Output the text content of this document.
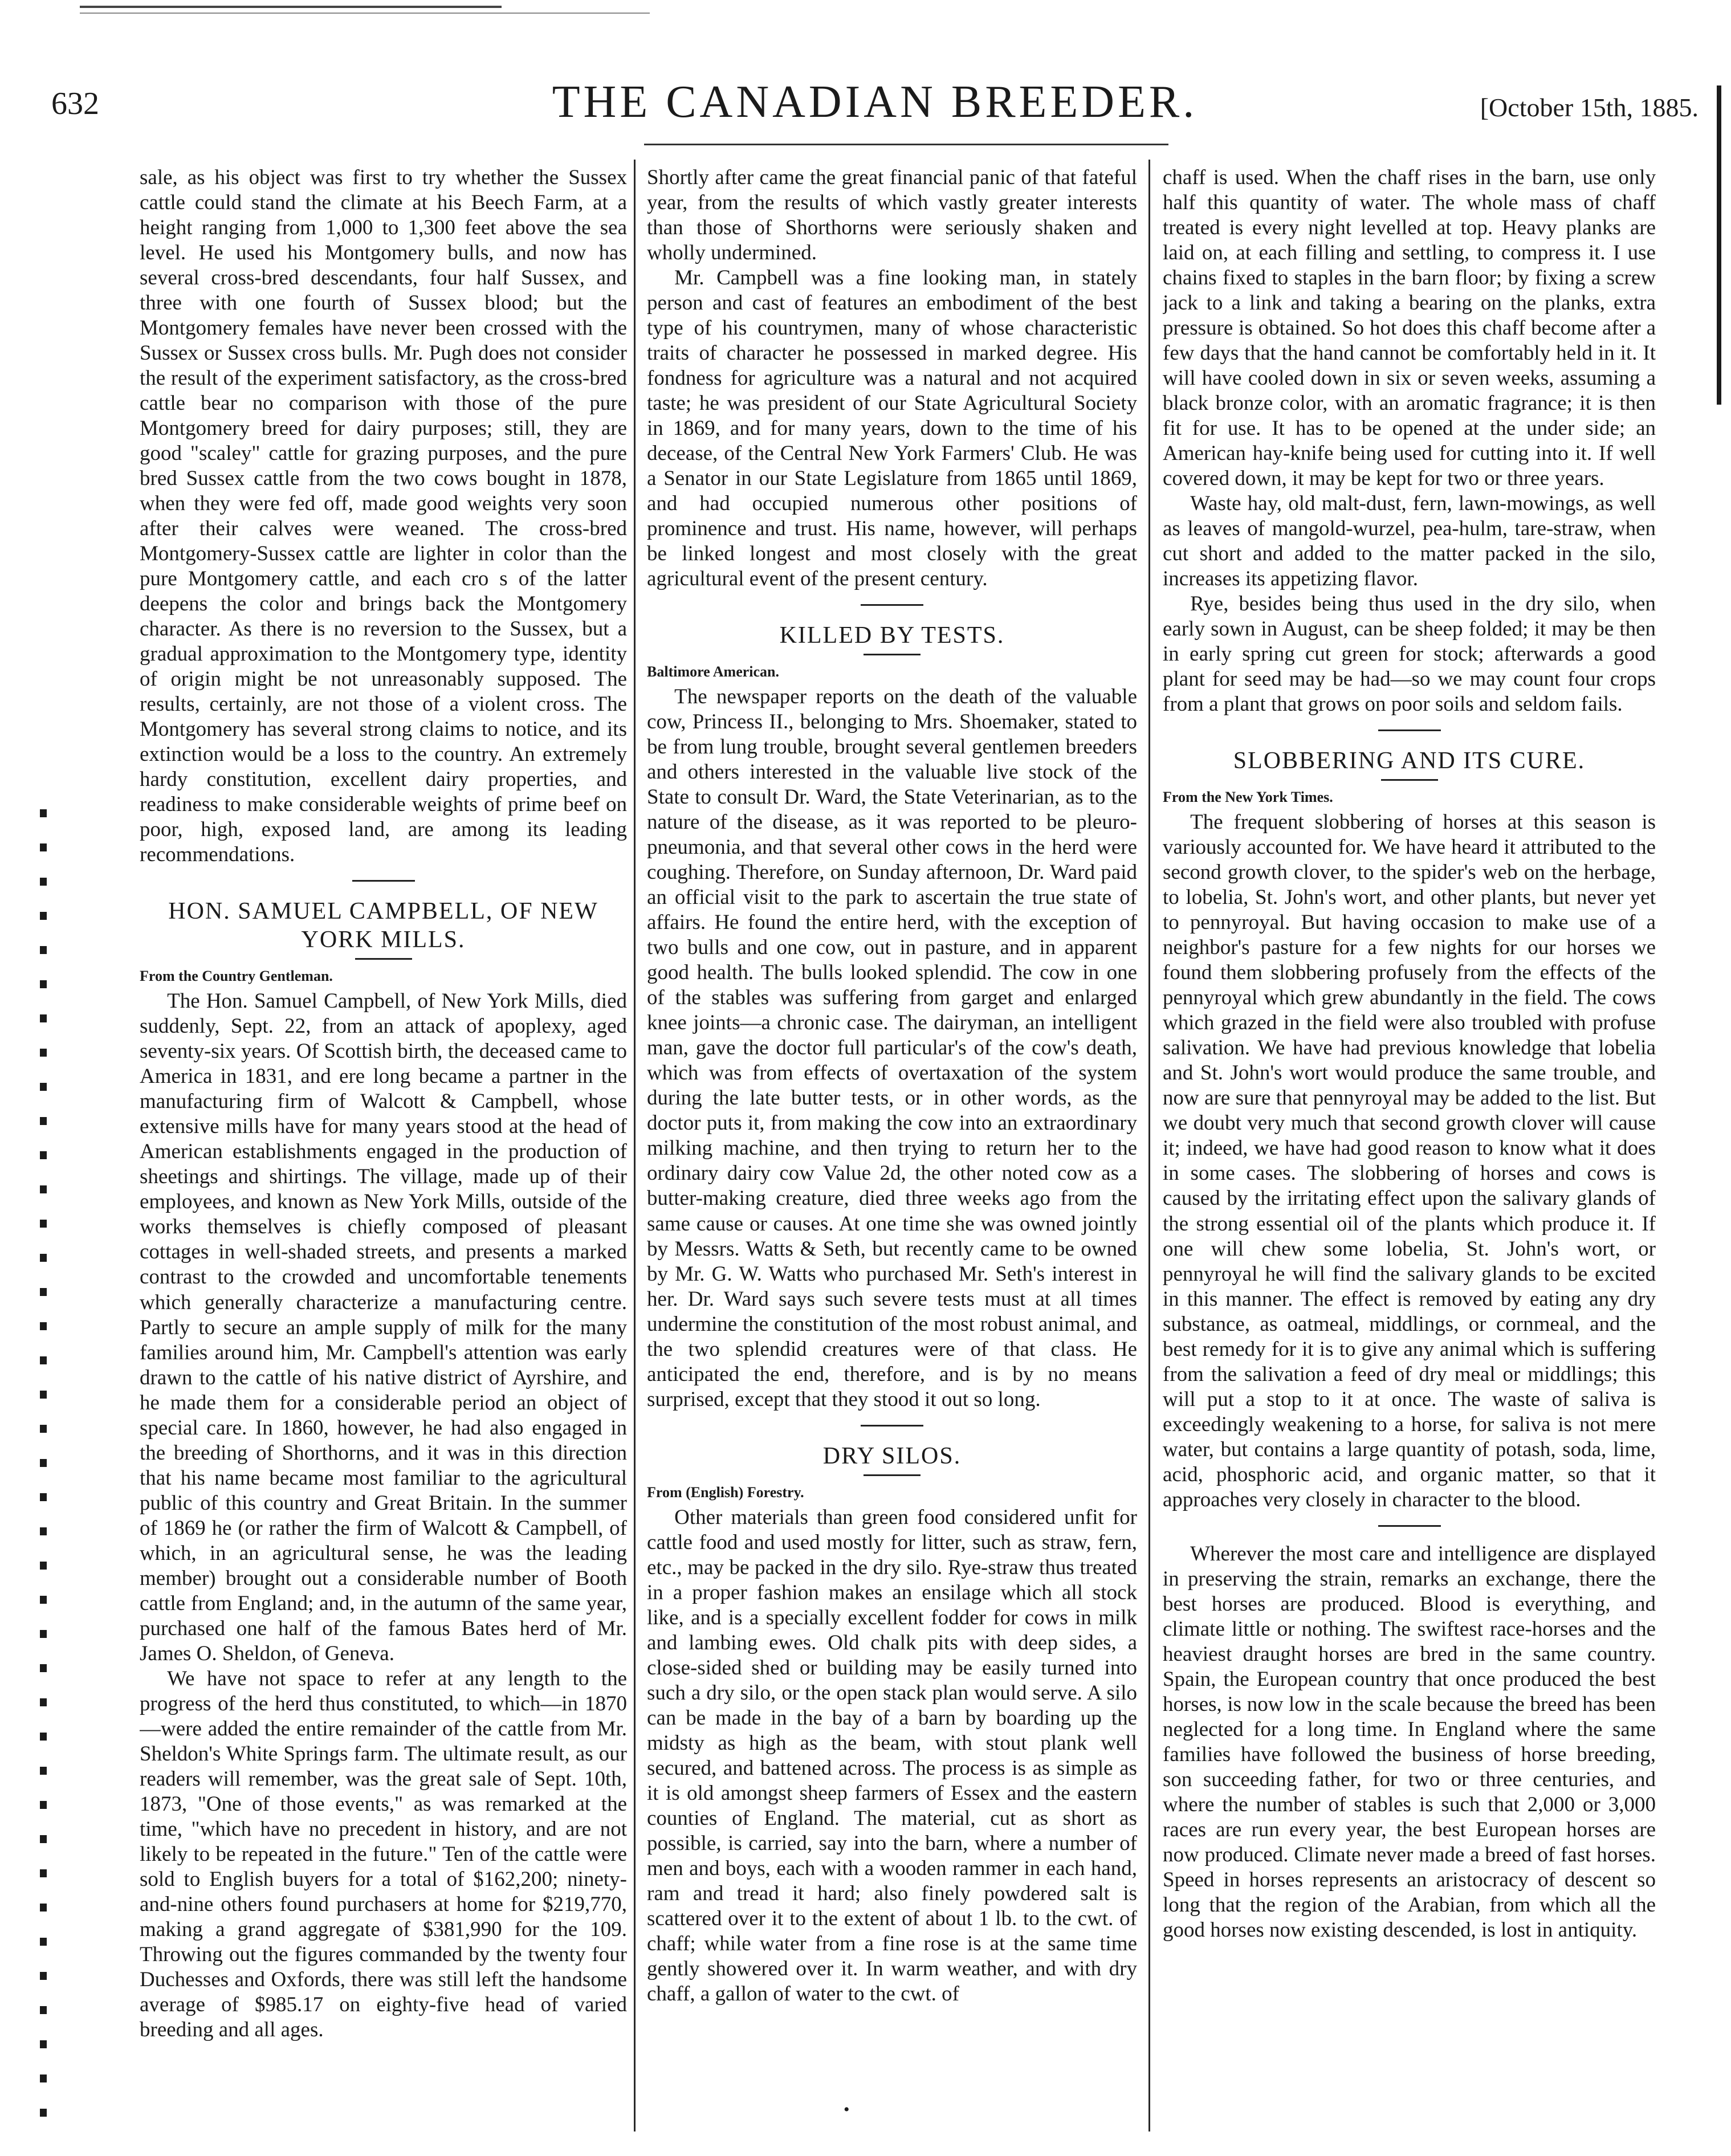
632	THE CANADIAN BREEDER.	[October 15th, 1885.

sale, as his object was first to try whether the Sussex cattle could stand the climate at his Beech Farm, at a height ranging from 1,000 to 1,300 feet above the sea level. He used his Montgomery bulls, and now has several cross-bred descendants, four half Sussex, and three with one fourth of Sussex blood; but the Montgomery females have never been crossed with the Sussex or Sussex cross bulls. Mr. Pugh does not consider the result of the experiment satisfactory, as the cross-bred cattle bear no comparison with those of the pure Montgomery breed for dairy purposes; still, they are good "scaley" cattle for grazing purposes, and the pure bred Sussex cattle from the two cows bought in 1878, when they were fed off, made good weights very soon after their calves were weaned. The cross-bred Montgomery-Sussex cattle are lighter in color than the pure Montgomery cattle, and each cro s of the latter deepens the color and brings back the Montgomery character. As there is no reversion to the Sussex, but a gradual approximation to the Montgomery type, identity of origin might be not unreasonably supposed. The results, certainly, are not those of a violent cross. The Montgomery has several strong claims to notice, and its extinction would be a loss to the country. An extremely hardy constitution, excellent dairy properties, and readiness to make considerable weights of prime beef on poor, high, exposed land, are among its leading recommendations.

HON. SAMUEL CAMPBELL, OF NEW YORK MILLS.
From the Country Gentleman.

The Hon. Samuel Campbell, of New York Mills, died suddenly, Sept. 22, from an attack of apoplexy, aged seventy-six years. Of Scottish birth, the deceased came to America in 1831, and ere long became a partner in the manufacturing firm of Walcott & Campbell, whose extensive mills have for many years stood at the head of American establishments engaged in the production of sheetings and shirtings. The village, made up of their employees, and known as New York Mills, outside of the works themselves is chiefly composed of pleasant cottages in well-shaded streets, and presents a marked contrast to the crowded and uncomfortable tenements which generally characterize a manufacturing centre. Partly to secure an ample supply of milk for the many families around him, Mr. Campbell's attention was early drawn to the cattle of his native district of Ayrshire, and he made them for a considerable period an object of special care. In 1860, however, he had also engaged in the breeding of Shorthorns, and it was in this direction that his name became most familiar to the agricultural public of this country and Great Britain. In the summer of 1869 he (or rather the firm of Walcott & Campbell, of which, in an agricultural sense, he was the leading member) brought out a considerable number of Booth cattle from England; and, in the autumn of the same year, purchased one half of the famous Bates herd of Mr. James O. Sheldon, of Geneva.

We have not space to refer at any length to the progress of the herd thus constituted, to which—in 1870—were added the entire remainder of the cattle from Mr. Sheldon's White Springs farm. The ultimate result, as our readers will remember, was the great sale of Sept. 10th, 1873, "One of those events," as was remarked at the time, "which have no precedent in history, and are not likely to be repeated in the future." Ten of the cattle were sold to English buyers for a total of $162,200; ninety-and-nine others found purchasers at home for $219,770, making a grand aggregate of $381,990 for the 109. Throwing out the figures commanded by the twenty four Duchesses and Oxfords, there was still left the handsome average of $985.17 on eighty-five head of varied breeding and all ages.

Shortly after came the great financial panic of that fateful year, from the results of which vastly greater interests than those of Shorthorns were seriously shaken and wholly undermined.

Mr. Campbell was a fine looking man, in stately person and cast of features an embodiment of the best type of his countrymen, many of whose characteristic traits of character he possessed in marked degree. His fondness for agriculture was a natural and not acquired taste; he was president of our State Agricultural Society in 1869, and for many years, down to the time of his decease, of the Central New York Farmers' Club. He was a Senator in our State Legislature from 1865 until 1869, and had occupied numerous other positions of prominence and trust. His name, however, will perhaps be linked longest and most closely with the great agricultural event of the present century.

KILLED BY TESTS.
Baltimore American.

The newspaper reports on the death of the valuable cow, Princess II., belonging to Mrs. Shoemaker, stated to be from lung trouble, brought several gentlemen breeders and others interested in the valuable live stock of the State to consult Dr. Ward, the State Veterinarian, as to the nature of the disease, as it was reported to be pleuro-pneumonia, and that several other cows in the herd were coughing. Therefore, on Sunday afternoon, Dr. Ward paid an official visit to the park to ascertain the true state of affairs. He found the entire herd, with the exception of two bulls and one cow, out in pasture, and in apparent good health. The bulls looked splendid. The cow in one of the stables was suffering from garget and enlarged knee joints—a chronic case. The dairyman, an intelligent man, gave the doctor full particular's of the cow's death, which was from effects of overtaxation of the system during the late butter tests, or in other words, as the doctor puts it, from making the cow into an extraordinary milking machine, and then trying to return her to the ordinary dairy cow Value 2d, the other noted cow as a butter-making creature, died three weeks ago from the same cause or causes. At one time she was owned jointly by Messrs. Watts & Seth, but recently came to be owned by Mr. G. W. Watts who purchased Mr. Seth's interest in her. Dr. Ward says such severe tests must at all times undermine the constitution of the most robust animal, and the two splendid creatures were of that class. He anticipated the end, therefore, and is by no means surprised, except that they stood it out so long.

DRY SILOS.
From (English) Forestry.

Other materials than green food considered unfit for cattle food and used mostly for litter, such as straw, fern, etc., may be packed in the dry silo. Rye-straw thus treated in a proper fashion makes an ensilage which all stock like, and is a specially excellent fodder for cows in milk and lambing ewes. Old chalk pits with deep sides, a close-sided shed or building may be easily turned into such a dry silo, or the open stack plan would serve. A silo can be made in the bay of a barn by boarding up the midsty as high as the beam, with stout plank well secured, and battened across. The process is as simple as it is old amongst sheep farmers of Essex and the eastern counties of England. The material, cut as short as possible, is carried, say into the barn, where a number of men and boys, each with a wooden rammer in each hand, ram and tread it hard; also finely powdered salt is scattered over it to the extent of about 1 lb. to the cwt. of chaff; while water from a fine rose is at the same time gently showered over it. In warm weather, and with dry chaff, a gallon of water to the cwt. of

chaff is used. When the chaff rises in the barn, use only half this quantity of water. The whole mass of chaff treated is every night levelled at top. Heavy planks are laid on, at each filling and settling, to compress it. I use chains fixed to staples in the barn floor; by fixing a screw jack to a link and taking a bearing on the planks, extra pressure is obtained. So hot does this chaff become after a few days that the hand cannot be comfortably held in it. It will have cooled down in six or seven weeks, assuming a black bronze color, with an aromatic fragrance; it is then fit for use. It has to be opened at the under side; an American hay-knife being used for cutting into it. If well covered down, it may be kept for two or three years.

Waste hay, old malt-dust, fern, lawn-mowings, as well as leaves of mangold-wurzel, pea-hulm, tare-straw, when cut short and added to the matter packed in the silo, increases its appetizing flavor.

Rye, besides being thus used in the dry silo, when early sown in August, can be sheep folded; it may be then in early spring cut green for stock; afterwards a good plant for seed may be had—so we may count four crops from a plant that grows on poor soils and seldom fails.

SLOBBERING AND ITS CURE.
From the New York Times.

The frequent slobbering of horses at this season is variously accounted for. We have heard it attributed to the second growth clover, to the spider's web on the herbage, to lobelia, St. John's wort, and other plants, but never yet to pennyroyal. But having occasion to make use of a neighbor's pasture for a few nights for our horses we found them slobbering profusely from the effects of the pennyroyal which grew abundantly in the field. The cows which grazed in the field were also troubled with profuse salivation. We have had previous knowledge that lobelia and St. John's wort would produce the same trouble, and now are sure that pennyroyal may be added to the list. But we doubt very much that second growth clover will cause it; indeed, we have had good reason to know what it does in some cases. The slobbering of horses and cows is caused by the irritating effect upon the salivary glands of the strong essential oil of the plants which produce it. If one will chew some lobelia, St. John's wort, or pennyroyal he will find the salivary glands to be excited in this manner. The effect is removed by eating any dry substance, as oatmeal, middlings, or cornmeal, and the best remedy for it is to give any animal which is suffering from the salivation a feed of dry meal or middlings; this will put a stop to it at once. The waste of saliva is exceedingly weakening to a horse, for saliva is not mere water, but contains a large quantity of potash, soda, lime, acid, phosphoric acid, and organic matter, so that it approaches very closely in character to the blood.

Wherever the most care and intelligence are displayed in preserving the strain, remarks an exchange, there the best horses are produced. Blood is everything, and climate little or nothing. The swiftest race-horses and the heaviest draught horses are bred in the same country. Spain, the European country that once produced the best horses, is now low in the scale because the breed has been neglected for a long time. In England where the same families have followed the business of horse breeding, son succeeding father, for two or three centuries, and where the number of stables is such that 2,000 or 3,000 races are run every year, the best European horses are now produced. Climate never made a breed of fast horses. Speed in horses represents an aristocracy of descent so long that the region of the Arabian, from which all the good horses now existing descended, is lost in antiquity.

•
